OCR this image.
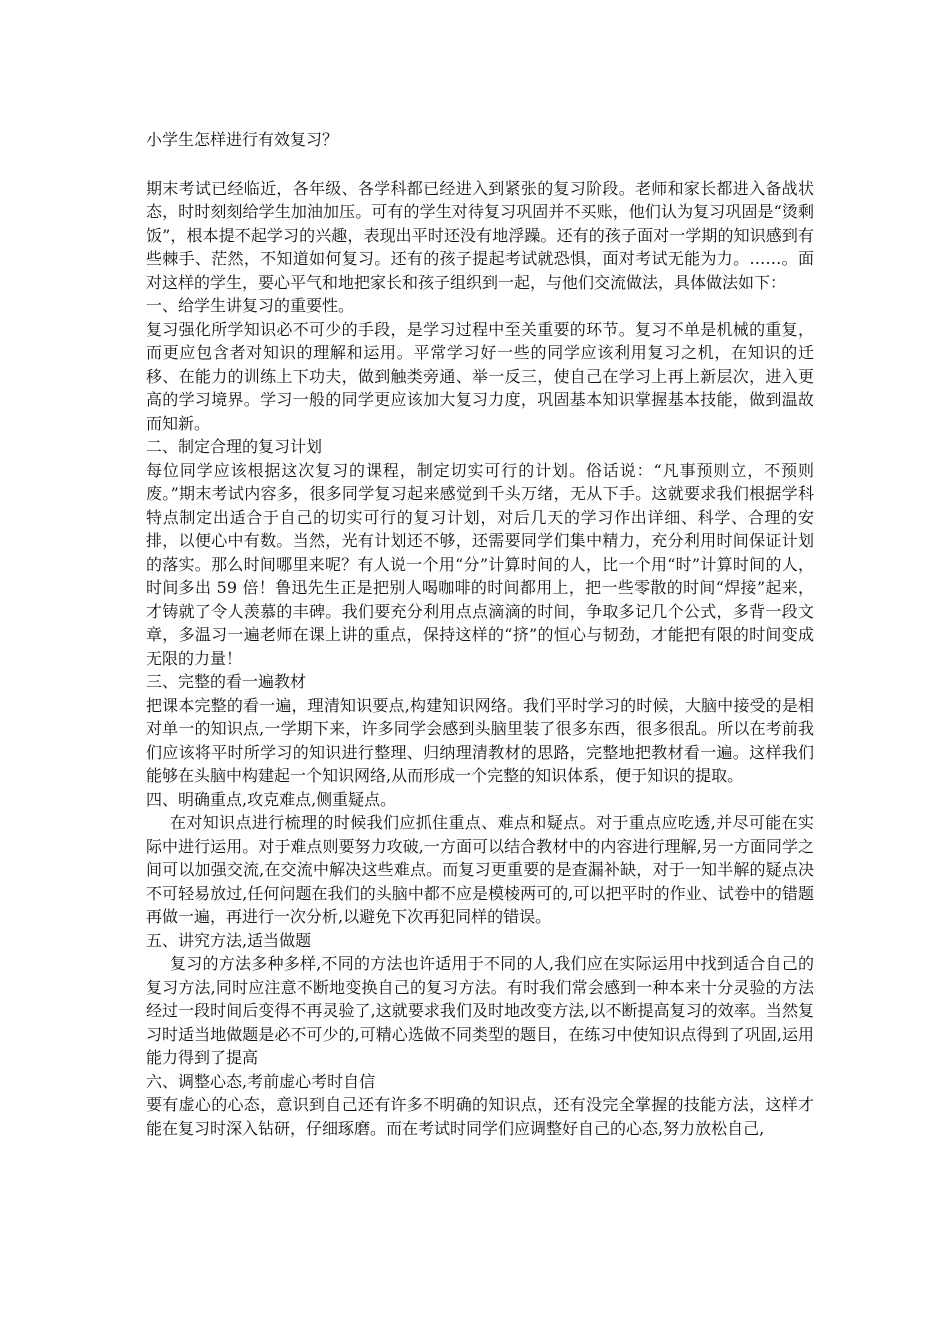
小学生怎样进行有效复习？
期末考试已经临近，各年级、各学科都已经进入到紧张的复习阶段。老师和家长都进入备战状态，时时刻刻给学生加油加压。可有的学生对待复习巩固并不买账，他们认为复习巩固是“烫剩饭”，根本提不起学习的兴趣，表现出平时还没有地浮躁。还有的孩子面对一学期的知识感到有些棘手、茫然，不知道如何复习。还有的孩子提起考试就恐惧，面对考试无能为力。……。面对这样的学生，要心平气和地把家长和孩子组织到一起，与他们交流做法，具体做法如下：
一、给学生讲复习的重要性。
复习强化所学知识必不可少的手段，是学习过程中至关重要的环节。复习不单是机械的重复，而更应包含者对知识的理解和运用。平常学习好一些的同学应该利用复习之机，在知识的迁移、在能力的训练上下功夫，做到触类旁通、举一反三，使自己在学习上再上新层次，进入更高的学习境界。学习一般的同学更应该加大复习力度，巩固基本知识掌握基本技能，做到温故而知新。
二、制定合理的复习计划
每位同学应该根据这次复习的课程，制定切实可行的计划。俗话说：“凡事预则立，不预则废。”期末考试内容多，很多同学复习起来感觉到千头万绪，无从下手。这就要求我们根据学科特点制定出适合于自己的切实可行的复习计划，对后几天的学习作出详细、科学、合理的安排，以便心中有数。当然，光有计划还不够，还需要同学们集中精力，充分利用时间保证计划的落实。那么时间哪里来呢？有人说一个用“分”计算时间的人，比一个用“时”计算时间的人，时间多出 59 倍！鲁迅先生正是把别人喝咖啡的时间都用上，把一些零散的时间“焊接”起来，才铸就了令人羡慕的丰碑。我们要充分利用点点滴滴的时间，争取多记几个公式，多背一段文章，多温习一遍老师在课上讲的重点，保持这样的“挤”的恒心与韧劲，才能把有限的时间变成无限的力量！
三、完整的看一遍教材
把课本完整的看一遍，理清知识要点,构建知识网络。我们平时学习的时候，大脑中接受的是相对单一的知识点,一学期下来，许多同学会感到头脑里装了很多东西，很多很乱。所以在考前我们应该将平时所学习的知识进行整理、归纳理清教材的思路，完整地把教材看一遍。这样我们能够在头脑中构建起一个知识网络,从而形成一个完整的知识体系，便于知识的提取。
四、明确重点,攻克难点,侧重疑点。
在对知识点进行梳理的时候我们应抓住重点、难点和疑点。对于重点应吃透,并尽可能在实际中进行运用。对于难点则要努力攻破,一方面可以结合教材中的内容进行理解,另一方面同学之间可以加强交流,在交流中解决这些难点。而复习更重要的是查漏补缺，对于一知半解的疑点决不可轻易放过,任何问题在我们的头脑中都不应是模棱两可的,可以把平时的作业、试卷中的错题再做一遍，再进行一次分析,以避免下次再犯同样的错误。
五、讲究方法,适当做题
复习的方法多种多样,不同的方法也许适用于不同的人,我们应在实际运用中找到适合自己的复习方法,同时应注意不断地变换自己的复习方法。有时我们常会感到一种本来十分灵验的方法经过一段时间后变得不再灵验了,这就要求我们及时地改变方法,以不断提高复习的效率。当然复习时适当地做题是必不可少的,可精心选做不同类型的题目，在练习中使知识点得到了巩固,运用能力得到了提高
六、调整心态,考前虚心考时自信
要有虚心的心态，意识到自己还有许多不明确的知识点，还有没完全掌握的技能方法，这样才能在复习时深入钻研，仔细琢磨。而在考试时同学们应调整好自己的心态,努力放松自己,
